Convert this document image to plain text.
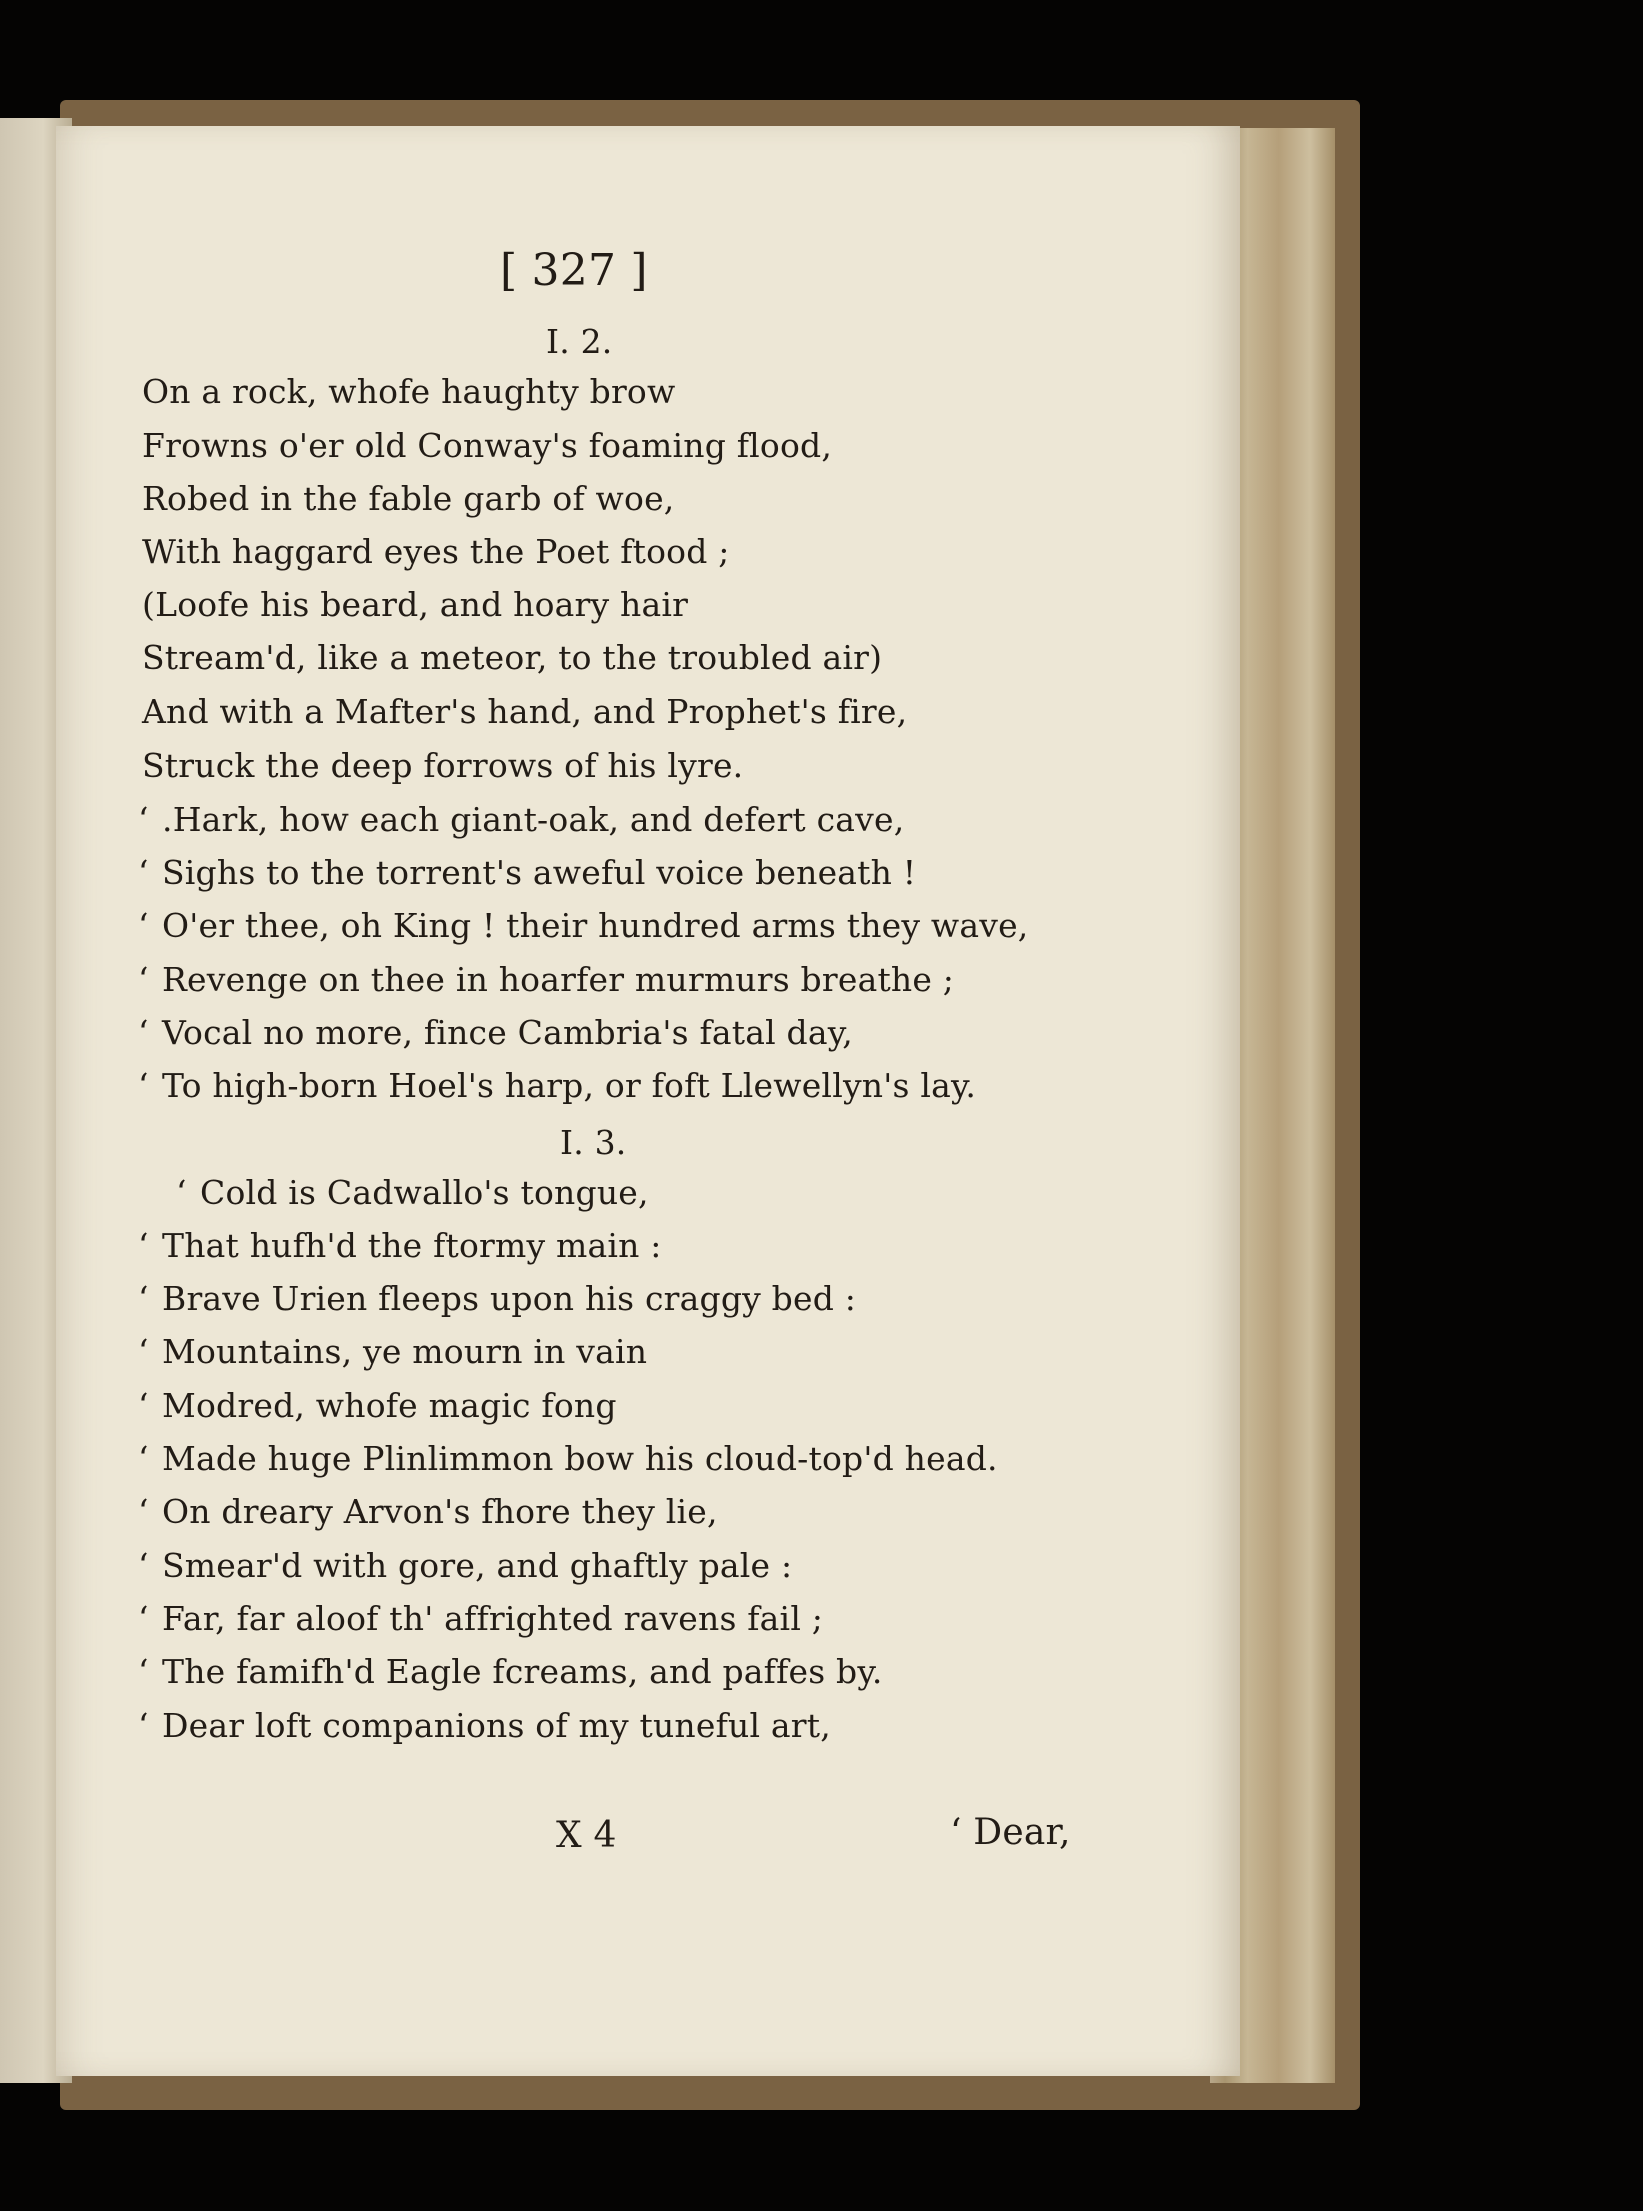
[ 327 ]
I. 2.
On a rock, whofe haughty brow
Frowns o'er old Conway's foaming flood,
Robed in the fable garb of woe,
With haggard eyes the Poet ftood ;
(Loofe his beard, and hoary hair
Stream'd, like a meteor, to the troubled air)
And with a Mafter's hand, and Prophet's fire,
Struck the deep forrows of his lyre.
‘ .Hark, how each giant-oak, and defert cave,
‘ Sighs to the torrent's aweful voice beneath !
‘ O'er thee, oh King ! their hundred arms they wave,
‘ Revenge on thee in hoarfer murmurs breathe ;
‘ Vocal no more, fince Cambria's fatal day,
‘ To high-born Hoel's harp, or foft Llewellyn's lay.
I. 3.
‘ Cold is Cadwallo's tongue,
‘ That hufh'd the ftormy main :
‘ Brave Urien fleeps upon his craggy bed :
‘ Mountains, ye mourn in vain
‘ Modred, whofe magic fong
‘ Made huge Plinlimmon bow his cloud-top'd head.
‘ On dreary Arvon's fhore they lie,
‘ Smear'd with gore, and ghaftly pale :
‘ Far, far aloof th' affrighted ravens fail ;
‘ The famifh'd Eagle fcreams, and paffes by.
‘ Dear loft companions of my tuneful art,
X 4	‘ Dear,
